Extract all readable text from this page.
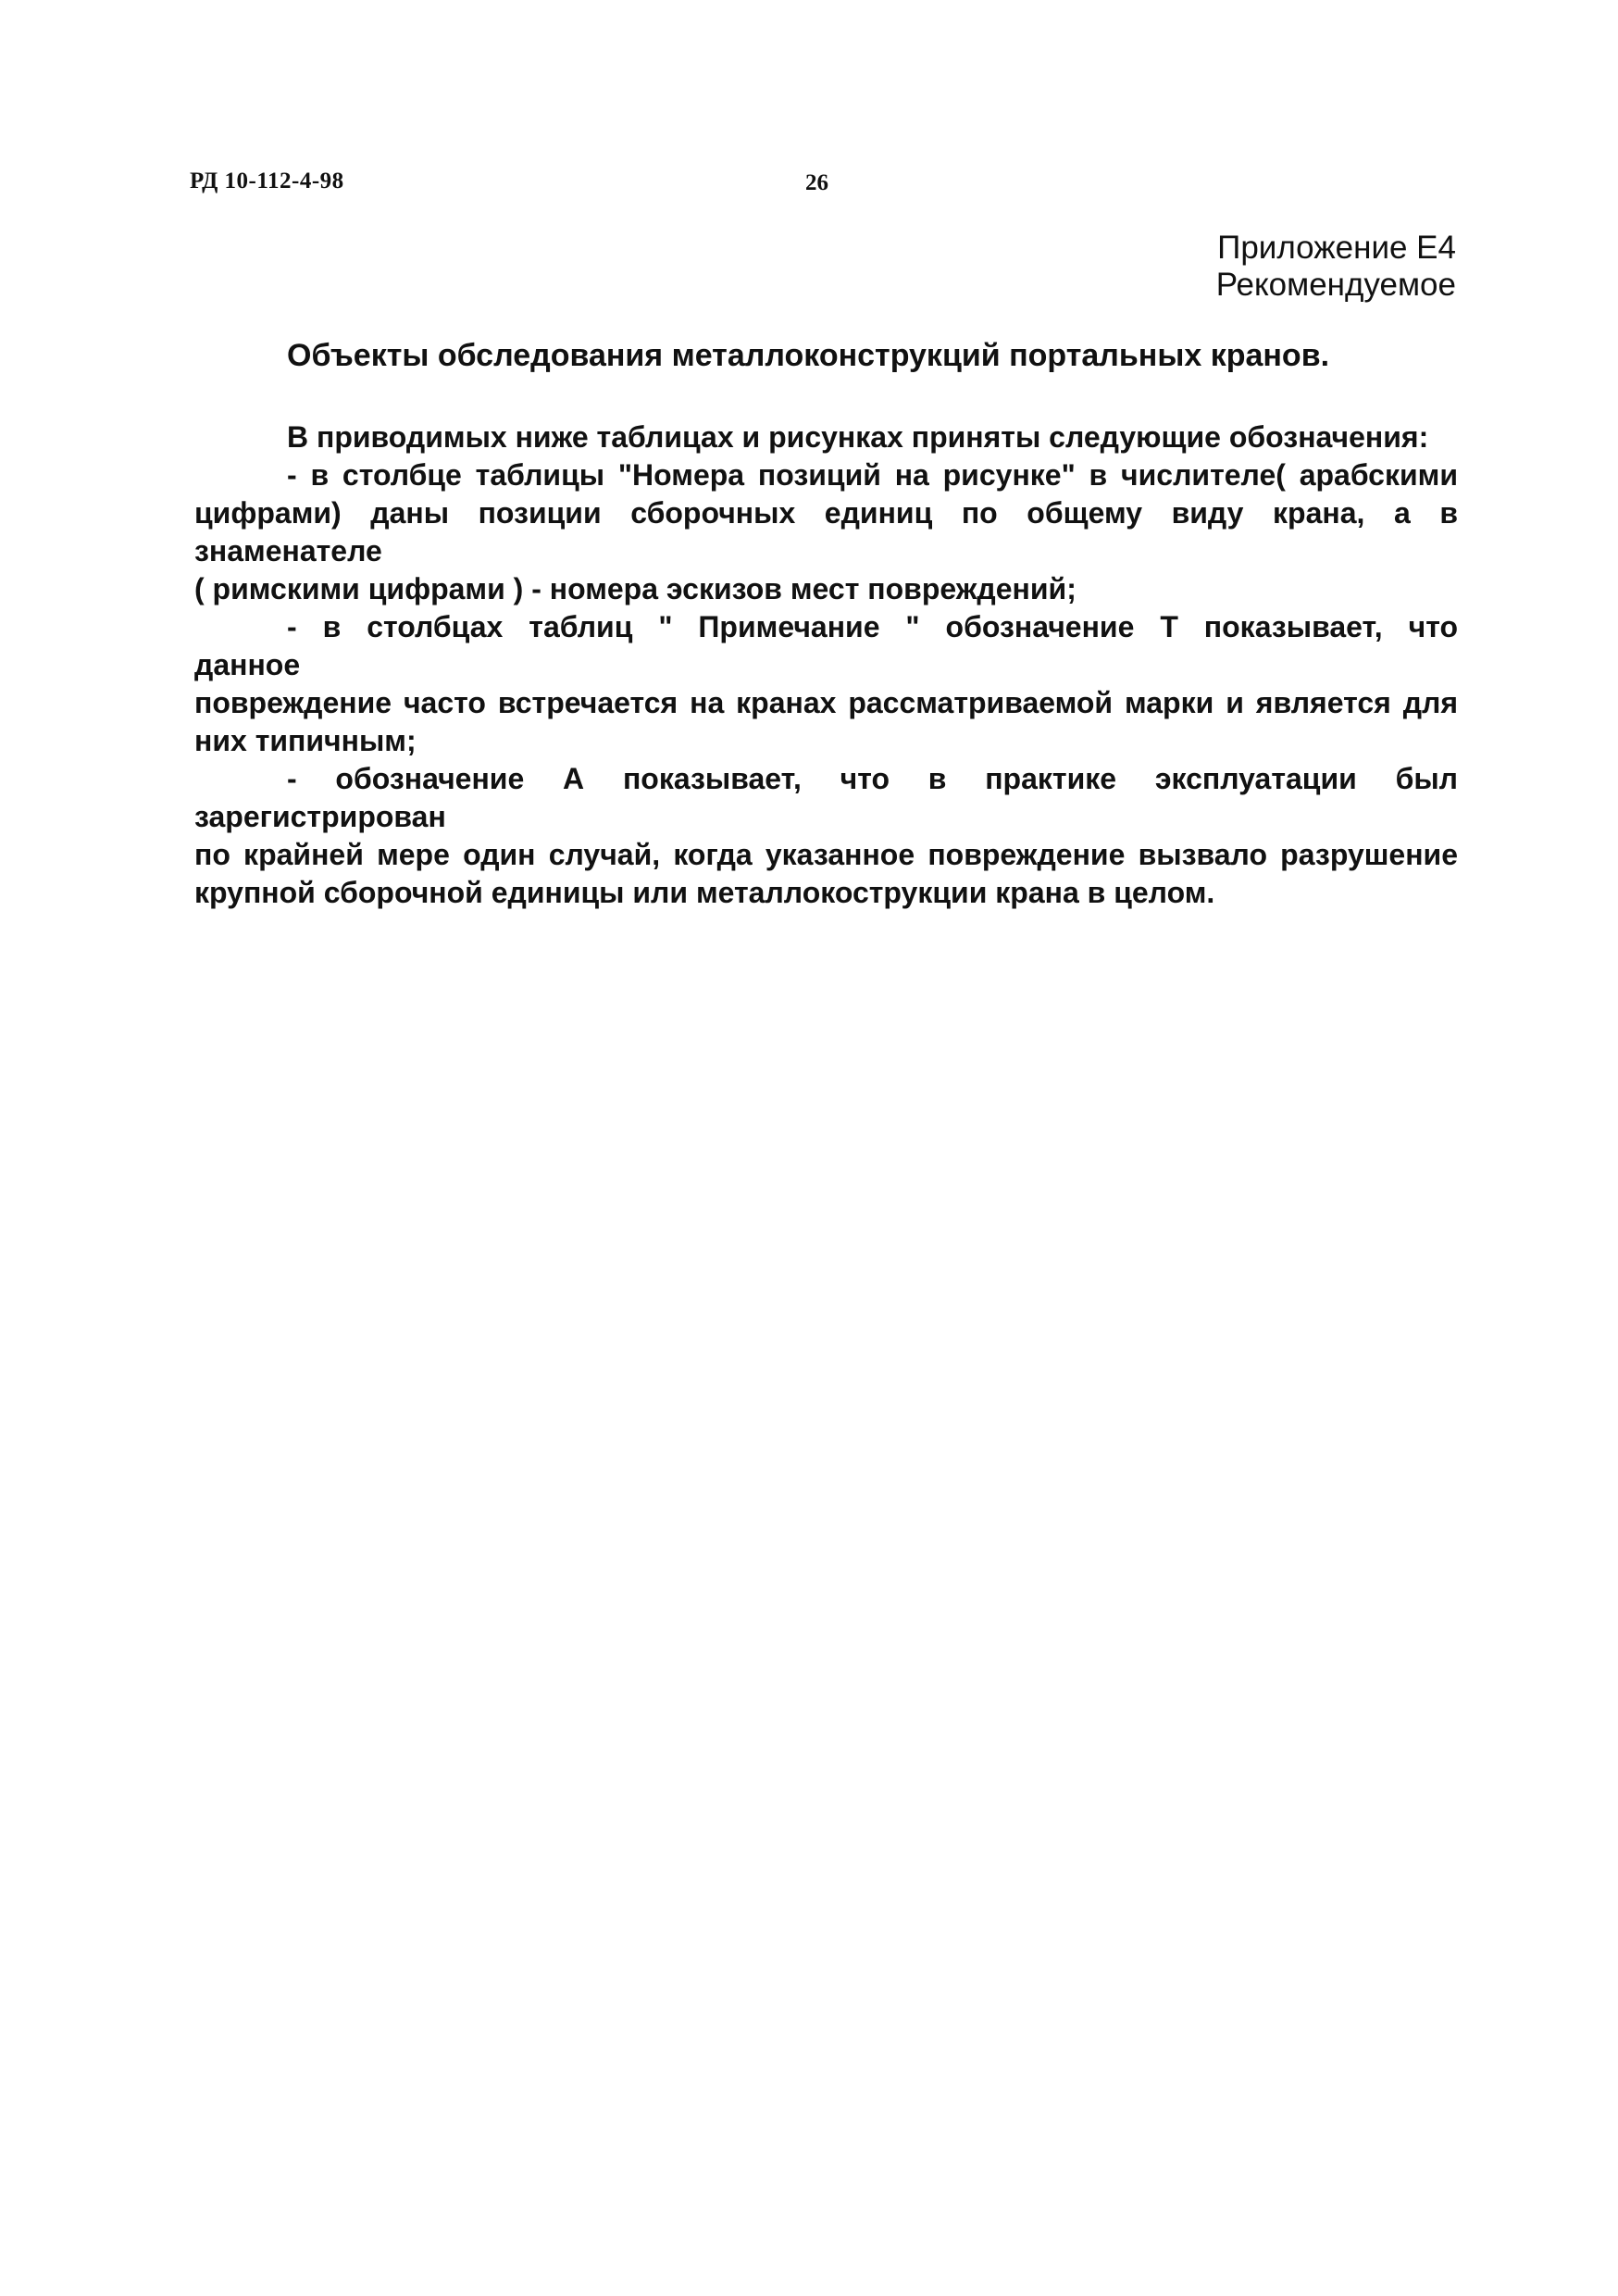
РД 10-112-4-98	26
Приложение Е4
Рекомендуемое
Объекты обследования металлоконструкций портальных кранов.

В приводимых ниже таблицах и рисунках приняты следующие обозначения:

- в столбце таблицы "Номера позиций на рисунке" в числителе( арабскими

цифрами) даны позиции сборочных единиц по общему виду крана, а в

знаменателе

( римскими цифрами ) - номера эскизов мест повреждений;

- в столбцах таблиц " Примечание " обозначение Т показывает, что

данное

повреждение часто встречается на кранах рассматриваемой марки и является для

них типичным;

- обозначение А показывает, что в практике эксплуатации был

зарегистрирован

по крайней мере один случай, когда указанное повреждение вызвало разрушение

крупной сборочной единицы или металлокострукции крана в целом.
